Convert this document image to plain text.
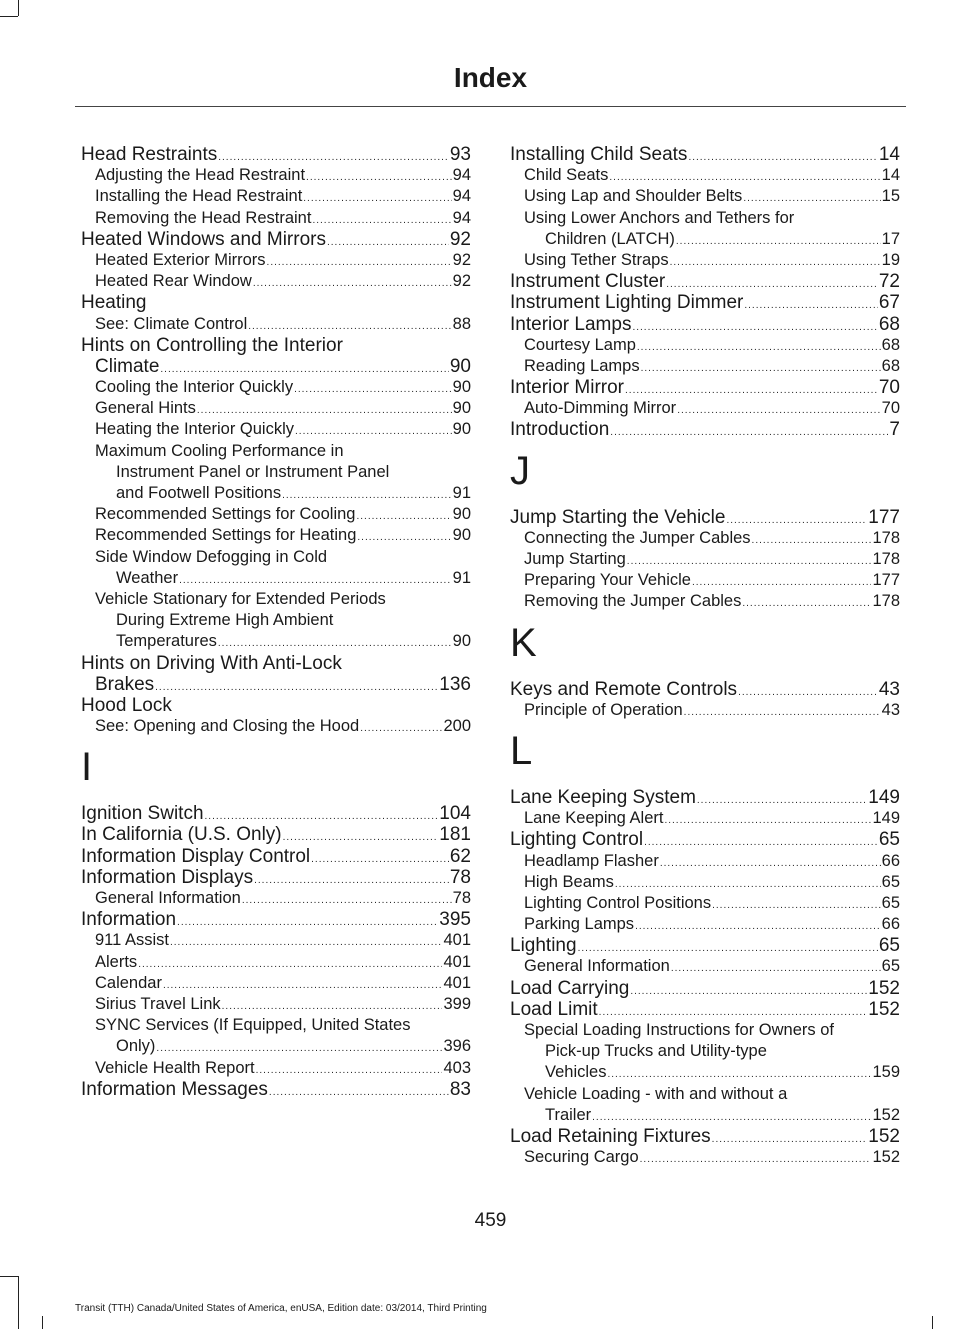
Index
Head Restraints .....	93
Adjusting the Head Restraint .....	94
Installing the Head Restraint .....	94
Removing the Head Restraint .....	94
Heated Windows and Mirrors .....	92
Heated Exterior Mirrors .....	92
Heated Rear Window .....	92
Heating
See: Climate Control .....	88
Hints on Controlling the Interior
Climate .....	90
Cooling the Interior Quickly .....	90
General Hints .....	90
Heating the Interior Quickly .....	90
Maximum Cooling Performance in
Instrument Panel or Instrument Panel
and Footwell Positions .....	91
Recommended Settings for Cooling .....	90
Recommended Settings for Heating .....	90
Side Window Defogging in Cold
Weather .....	91
Vehicle Stationary for Extended Periods
During Extreme High Ambient
Temperatures .....	90
Hints on Driving With Anti-Lock
Brakes .....	136
Hood Lock
See: Opening and Closing the Hood .....	200
I
Ignition Switch .....	104
In California (U.S. Only) .....	181
Information Display Control .....	62
Information Displays .....	78
General Information .....	78
Information .....	395
911 Assist .....	401
Alerts .....	401
Calendar .....	401
Sirius Travel Link .....	399
SYNC Services (If Equipped, United States
Only) .....	396
Vehicle Health Report .....	403
Information Messages .....	83
Installing Child Seats .....	14
Child Seats .....	14
Using Lap and Shoulder Belts .....	15
Using Lower Anchors and Tethers for
Children (LATCH) .....	17
Using Tether Straps .....	19
Instrument Cluster .....	72
Instrument Lighting Dimmer .....	67
Interior Lamps .....	68
Courtesy Lamp .....	68
Reading Lamps .....	68
Interior Mirror .....	70
Auto-Dimming Mirror .....	70
Introduction .....	7
J
Jump Starting the Vehicle .....	177
Connecting the Jumper Cables .....	178
Jump Starting .....	178
Preparing Your Vehicle .....	177
Removing the Jumper Cables .....	178
K
Keys and Remote Controls .....	43
Principle of Operation .....	43
L
Lane Keeping System .....	149
Lane Keeping Alert .....	149
Lighting Control .....	65
Headlamp Flasher .....	66
High Beams .....	65
Lighting Control Positions .....	65
Parking Lamps .....	66
Lighting .....	65
General Information .....	65
Load Carrying .....	152
Load Limit .....	152
Special Loading Instructions for Owners of
Pick-up Trucks and Utility-type
Vehicles .....	159
Vehicle Loading - with and without a
Trailer .....	152
Load Retaining Fixtures .....	152
Securing Cargo .....	152
459
Transit (TTH) Canada/United States of America, enUSA, Edition date: 03/2014, Third Printing
